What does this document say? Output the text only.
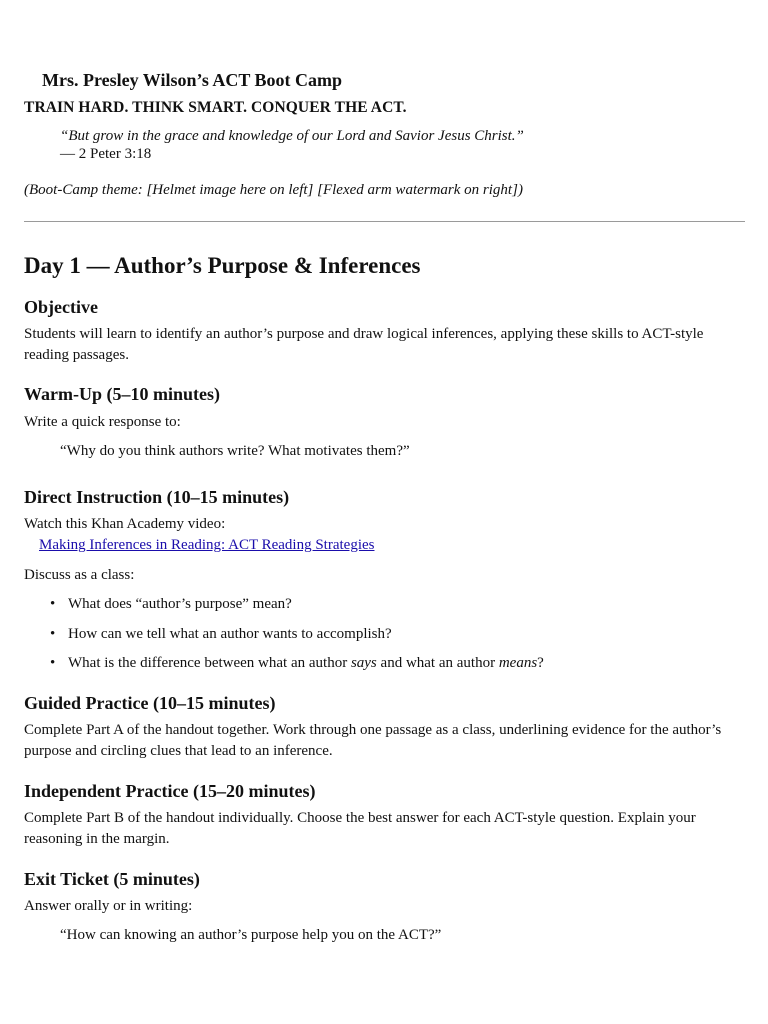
Mrs. Presley Wilson’s ACT Boot Camp
TRAIN HARD. THINK SMART. CONQUER THE ACT.
“But grow in the grace and knowledge of our Lord and Savior Jesus Christ.”
— 2 Peter 3:18
(Boot-Camp theme: [Helmet image here on left] [Flexed arm watermark on right])
Day 1 — Author’s Purpose & Inferences
Objective
Students will learn to identify an author’s purpose and draw logical inferences, applying these skills to ACT-style reading passages.
Warm-Up (5–10 minutes)
Write a quick response to:
“Why do you think authors write? What motivates them?”
Direct Instruction (10–15 minutes)
Watch this Khan Academy video:
Making Inferences in Reading: ACT Reading Strategies
Discuss as a class:
• What does “author’s purpose” mean?
• How can we tell what an author wants to accomplish?
• What is the difference between what an author says and what an author means?
Guided Practice (10–15 minutes)
Complete Part A of the handout together. Work through one passage as a class, underlining evidence for the author’s purpose and circling clues that lead to an inference.
Independent Practice (15–20 minutes)
Complete Part B of the handout individually. Choose the best answer for each ACT-style question. Explain your reasoning in the margin.
Exit Ticket (5 minutes)
Answer orally or in writing:
“How can knowing an author’s purpose help you on the ACT?”
